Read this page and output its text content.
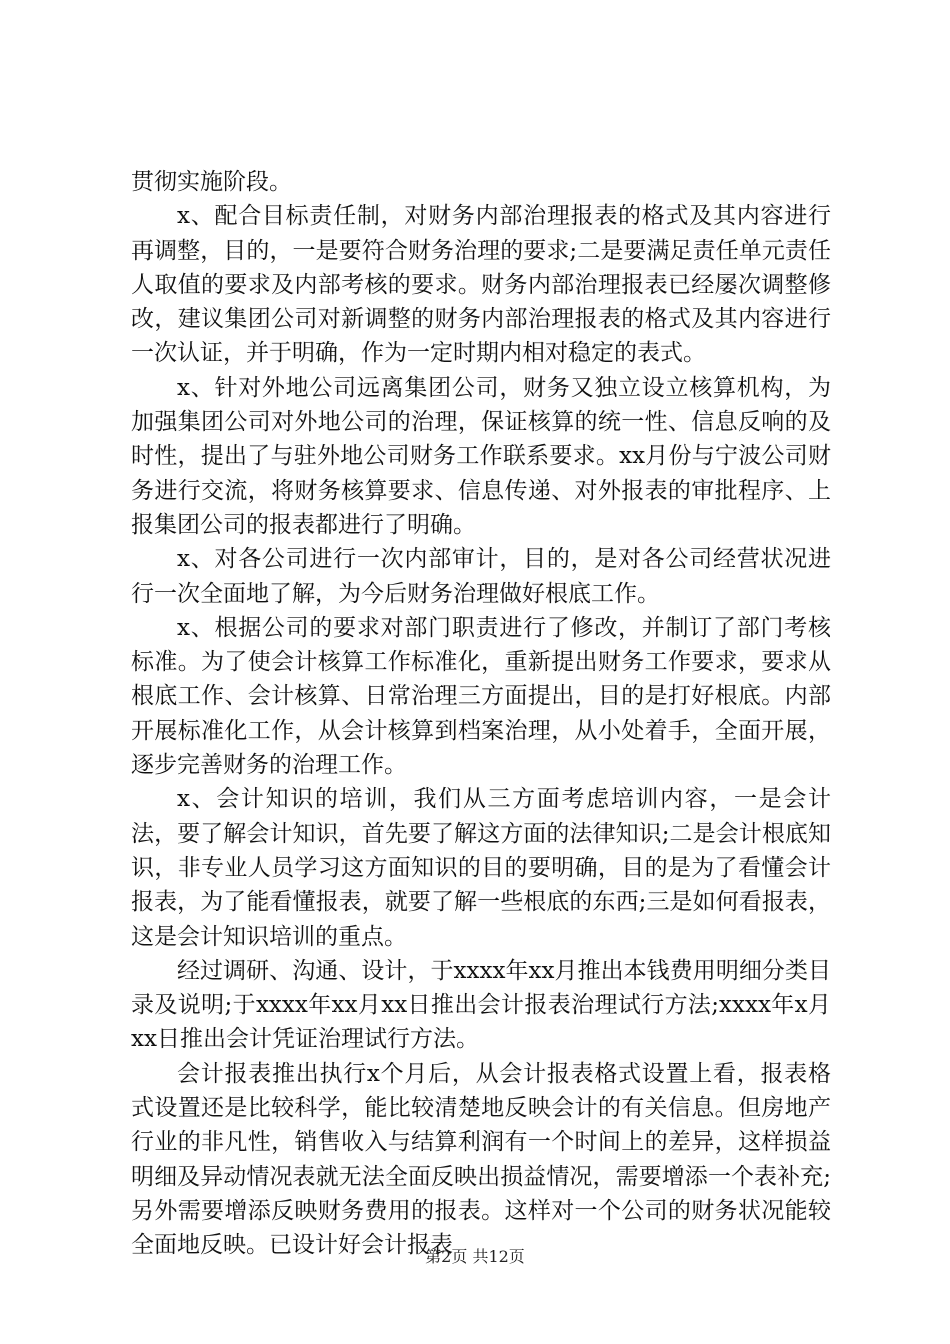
贯彻实施阶段。

x、配合目标责任制，对财务内部治理报表的格式及其内容进行再调整，目的，一是要符合财务治理的要求;二是要满足责任单元责任人取值的要求及内部考核的要求。财务内部治理报表已经屡次调整修改，建议集团公司对新调整的财务内部治理报表的格式及其内容进行一次认证，并于明确，作为一定时期内相对稳定的表式。

x、针对外地公司远离集团公司，财务又独立设立核算机构，为加强集团公司对外地公司的治理，保证核算的统一性、信息反响的及时性，提出了与驻外地公司财务工作联系要求。xx月份与宁波公司财务进行交流，将财务核算要求、信息传递、对外报表的审批程序、上报集团公司的报表都进行了明确。

x、对各公司进行一次内部审计，目的，是对各公司经营状况进行一次全面地了解，为今后财务治理做好根底工作。

x、根据公司的要求对部门职责进行了修改，并制订了部门考核标准。为了使会计核算工作标准化，重新提出财务工作要求，要求从根底工作、会计核算、日常治理三方面提出，目的是打好根底。内部开展标准化工作，从会计核算到档案治理，从小处着手，全面开展，逐步完善财务的治理工作。

x、会计知识的培训，我们从三方面考虑培训内容，一是会计法，要了解会计知识，首先要了解这方面的法律知识;二是会计根底知识，非专业人员学习这方面知识的目的要明确，目的是为了看懂会计报表，为了能看懂报表，就要了解一些根底的东西;三是如何看报表，这是会计知识培训的重点。

经过调研、沟通、设计，于xxxx年xx月推出本钱费用明细分类目录及说明;于xxxx年xx月xx日推出会计报表治理试行方法;xxxx年x月xx日推出会计凭证治理试行方法。

会计报表推出执行x个月后，从会计报表格式设置上看，报表格式设置还是比较科学，能比较清楚地反映会计的有关信息。但房地产行业的非凡性，销售收入与结算利润有一个时间上的差异，这样损益明细及异动情况表就无法全面反映出损益情况，需要增添一个表补充;另外需要增添反映财务费用的报表。这样对一个公司的财务状况能较全面地反映。已设计好会计报表

第2页 共12页
